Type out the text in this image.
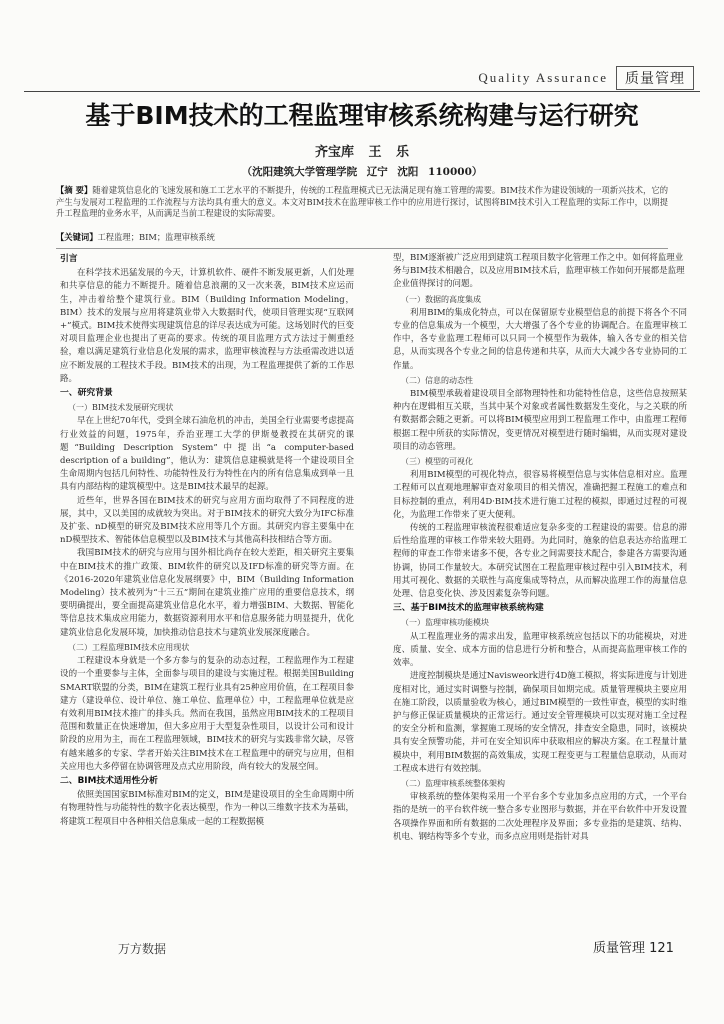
Quality Assurance	质量管理
基于BIM技术的工程监理审核系统构建与运行研究
齐宝库 王 乐
（沈阳建筑大学管理学院 辽宁 沈阳 110000）
【摘 要】随着建筑信息化的飞速发展和施工工艺水平的不断提升，传统的工程监理模式已无法满足现有施工管理的需要。BIM技术作为建设领域的一项新兴技术，它的产生与发展对工程监理的工作流程与方法均具有重大的意义。本文对BIM技术在监理审核工作中的应用进行探讨，试图将BIM技术引入工程监理的实际工作中，以期提升工程监理的业务水平，从而满足当前工程建设的实际需要。
【关键词】工程监理；BIM；监理审核系统
引言
在科学技术迅猛发展的今天，计算机软件、硬件不断发展更新，人们处理和共享信息的能力不断提升。随着信息浪潮的又一次来袭，BIM技术应运而生，冲击着给整个建筑行业。BIM（Building Information Modeling，BIM）技术的发展与应用将建筑业带入大数据时代，使项目管理实现“互联网+”模式。BIM技术使得实现建筑信息的详尽表达成为可能。这场划时代的巨变对项目监理企业也提出了更高的要求。传统的项目监理方式方法过于侧重经验，难以满足建筑行业信息化发展的需求，监理审核流程与方法亟需改进以适应不断发展的工程技术手段。BIM技术的出现，为工程监理提供了新的工作思路。
一、研究背景
（一）BIM技术发展研究现状
早在上世纪70年代，受到全球石油危机的冲击，美国全行业需要考虑提高行业效益的问题，1975年，乔治亚理工大学的伊斯曼教授在其研究的课题“Building Description System”中提出“a computer-based description of a building”，他认为：建筑信息建模就是将一个建设项目全生命周期内包括几何特性、功能特性及行为特性在内的所有信息集成到单一且具有内部结构的建筑模型中。这是BIM技术最早的起源。
近些年，世界各国在BIM技术的研究与应用方面均取得了不同程度的进展，其中，又以美国的成就较为突出。对于BIM技术的研究大致分为IFC标准及扩张、nD模型的研究及BIM技术应用等几个方面。其研究内容主要集中在nD模型技术、智能体信息模型以及BIM技术与其他高科技相结合等方面。
我国BIM技术的研究与应用与国外相比尚存在较大差距，相关研究主要集中在BIM技术的推广政策、BIM软件的研究以及IFD标准的研究等方面。在《2016-2020年建筑业信息化发展纲要》中，BIM（Building Information Modeling）技术被列为“十三五”期间在建筑业推广应用的重要信息技术，纲要明确提出，要全面提高建筑业信息化水平，着力增强BIM、大数据、智能化等信息技术集成应用能力，数据资源利用水平和信息服务能力明显提升，优化建筑业信息化发展环境，加快推动信息技术与建筑业发展深度融合。
（二）工程监理BIM技术应用现状
工程建设本身就是一个多方参与的复杂的动态过程，工程监理作为工程建设的一个重要参与主体，全面参与项目的建设与实施过程。根据美国Building SMART联盟的分类，BIM在建筑工程行业具有25种应用价值，在工程项目参建方（建设单位、设计单位、施工单位、监理单位）中，工程监理单位就是应有效利用BIM技术推广的排头兵。然而在我国，虽然应用BIM技术的工程项目范围和数量正在快速增加，但大多应用于大型复杂性项目，以设计公司和设计阶段的应用为主，而在工程监理领域，BIM技术的研究与实践非常欠缺，尽管有越来越多的专家、学者开始关注BIM技术在工程监理中的研究与应用，但相关应用也大多停留在协调管理及点式应用阶段，尚有较大的发展空间。
二、BIM技术适用性分析
依照美国国家BIM标准对BIM的定义，BIM是建设项目的全生命周期中所有物理特性与功能特性的数字化表达模型，作为一种以三维数字技术为基础，将建筑工程项目中各种相关信息集成一起的工程数据模
型，BIM逐渐被广泛应用到建筑工程项目数字化管理工作之中。如何将监理业务与BIM技术相融合，以及应用BIM技术后，监理审核工作如何开展都是监理企业值得探讨的问题。
（一）数据的高度集成
利用BIM的集成化特点，可以在保留原专业模型信息的前提下将各个不同专业的信息集成为一个模型，大大增强了各个专业的协调配合。在监理审核工作中，各专业监理工程师可以只同一个模型作为载体，输入各专业的相关信息，从而实现各个专业之间的信息传递和共享，从而大大减少各专业协同的工作量。
（二）信息的动态性
BIM模型承载着建设项目全部物理特性和功能特性信息，这些信息按照某种内在逻辑相互关联，当其中某个对象或者属性数据发生变化，与之关联的所有数据都会随之更新。可以将BIM模型应用到工程监理工作中，由监理工程师根据工程中所获的实际情况，变更情况对模型进行随时编辑，从而实现对建设项目的动态管理。
（三）模型的可视化
利用BIM模型的可视化特点，很容易将模型信息与实体信息相对应。监理工程师可以直观地理解审查对象项目的相关情况，准确把握工程施工的难点和目标控制的重点，利用4D·BIM技术进行施工过程的模拟，即通过过程的可视化，为监理工作带来了更大便利。
传统的工程监理审核流程很难适应复杂多变的工程建设的需要。信息的滞后性给监理的审核工作带来较大阻碍。为此同时，施象的信息表达亦给监理工程师的审查工作带来诸多不便，各专业之间需要技术配合，参建各方需要沟通协调，协同工作量较大。本研究试图在工程监理审核过程中引入BIM技术，利用其可视化、数据的关联性与高度集成等特点，从而解决监理工作的海量信息处理、信息变化快、涉及因素复杂等问题。
三、基于BIM技术的监理审核系统构建
（一）监理审核功能模块
从工程监理业务的需求出发，监理审核系统应包括以下的功能模块，对进度、质量、安全、成本方面的信息进行分析和整合，从而提高监理审核工作的效率。
进度控制模块是通过Navisweork进行4D施工模拟，将实际进度与计划进度相对比，通过实时调整与控制，确保项目如期完成。质量管理模块主要应用在施工阶段，以质量验收为核心，通过BIM模型的一致性审查，模型的实时维护与修正保证质量模块的正常运行。通过安全管理模块可以实现对施工全过程的安全分析和监测，掌握施工现场的安全情况，排查安全隐患，同时，该模块具有安全预警功能，并可在安全知识库中获取相应的解决方案。在工程量计量模块中，利用BIM数据的高效集成，实现工程变更与工程量信息联动，从而对工程成本进行有效控制。
（二）监理审核系统整体架构
审核系统的整体架构采用一个平台多个专业加多点应用的方式，一个平台指的是统一的平台软件统一整合多专业图形与数据，并在平台软件中开发设置各项操作界面和所有数据的二次处理程序及界面；多专业指的是建筑、结构、机电、钢结构等多个专业，而多点应用则是指针对具
万方数据	质量管理 121
